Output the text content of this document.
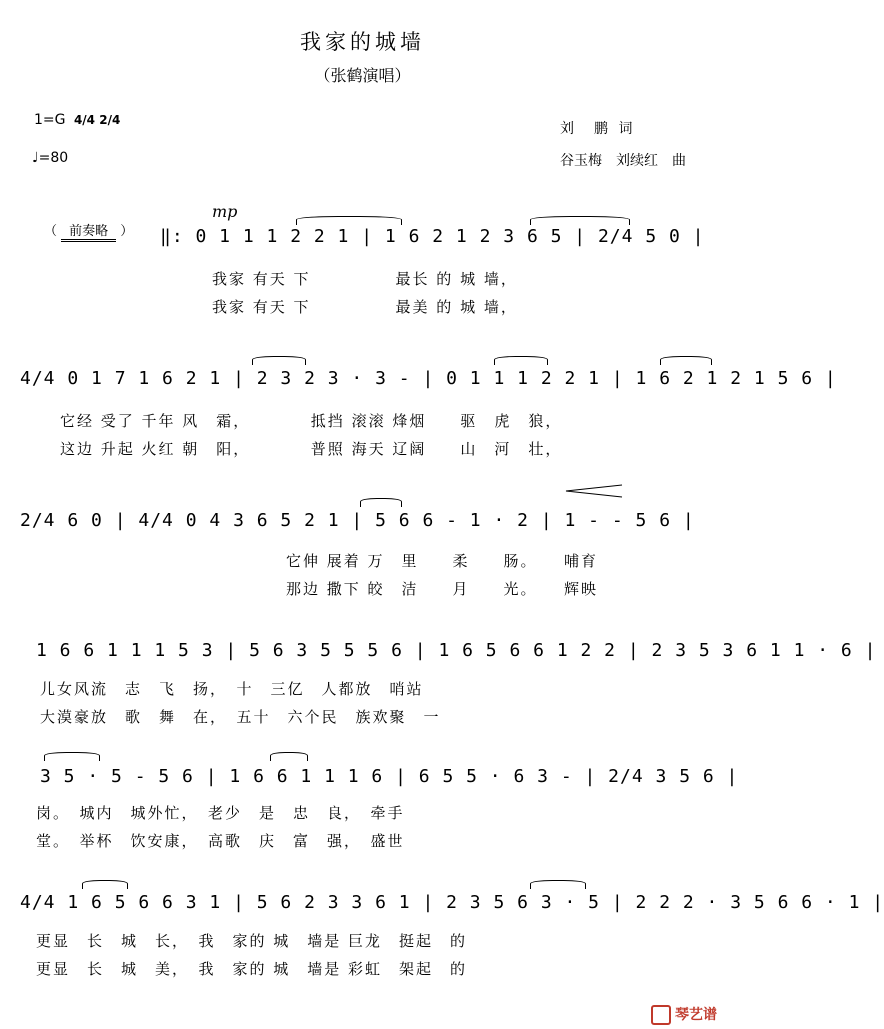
我家的城墙
（张鹤演唱）
1=G 4/4 2/4
♩=80
刘　鹏 词
谷玉梅　刘续红　曲
（ 前奏略 ）
mp
‖: 0 1 1 1 2 2 1 | 1 6 2 1 2 3 6 5 | 2/4 5 0 |
我家 有天 下　　　　　最长 的 城 墙，
我家 有天 下　　　　　最美 的 城 墙，
4/4 0 1 7 1 6 2 1 | 2 3 2 3 · 3 - | 0 1 1 1 2 2 1 | 1 6 2 1 2 1 5 6 |
它经 受了 千年 风　霜，　　　　抵挡 滚滚 烽烟　　驱　虎　狼，
这边 升起 火红 朝　阳，　　　　普照 海天 辽阔　　山　河　壮，
2/4 6 0 | 4/4 0 4 3 6 5 2 1 | 5 6 6 - 1 · 2 | 1 - - 5 6 |
它伸 展着 万　里　　柔　　肠。　　哺育
那边 撒下 皎　洁　　月　　光。　　辉映
1 6 6 1 1 1 5 3 | 5 6 3 5 5 5 6 | 1 6 5 6 6 1 2 2 | 2 3 5 3 6 1 1 · 6 |
儿女风流　志　飞　扬，　十　三亿　人都放　哨站
大漠豪放　歌　舞　在，　五十　六个民　族欢聚　一
3 5 · 5 - 5 6 | 1 6 6 1 1 1 6 | 6 5 5 · 6 3 - | 2/4 3 5 6 |
岗。　城内　城外忙，　老少　是　忠　良，　牵手
堂。　举杯　饮安康，　高歌　庆　富　强，　盛世
4/4 1 6 5 6 6 3 1 | 5 6 2 3 3 6 1 | 2 3 5 6 3 · 5 | 2 2 2 · 3 5 6 6 · 1 |
更显　长　城　长，　我　家的 城　墙是 巨龙　挺起　的
更显　长　城　美，　我　家的 城　墙是 彩虹　架起　的
琴艺谱
